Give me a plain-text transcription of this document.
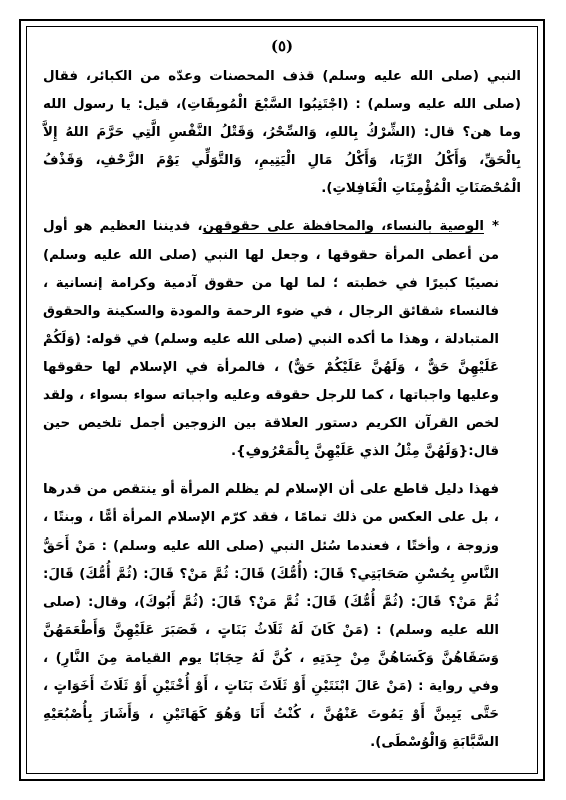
(٥)

النبي (صلى الله عليه وسلم) قذف المحصنات وعدّه من الكبائر، فقال (صلى الله عليه وسلم) : (اجْتَنِبُوا السَّبْعَ الْمُوبِقَاتِ)، قيل: يا رسول الله وما هن؟ قال: (الشِّرْكُ بِاللهِ، وَالسِّحْرُ، وَقَتْلُ النَّفْسِ الَّتِي حَرَّمَ اللهُ إِلاَّ بِالْحَقِّ، وَأَكْلُ الرِّبَا، وَأَكْلُ مَالِ الْيَتِيمِ، وَالتَّوَلِّي يَوْمَ الزَّحْفِ، وَقَذْفُ الْمُحْصَنَاتِ الْمُؤْمِنَاتِ الْغَافِلاتِ).

*الوصية بالنساء، والمحافظة على حقوقهن، فديننا العظيم هو أول من أعطى المرأة حقوقها ، وجعل لها النبي (صلى الله عليه وسلم) نصيبًا كبيرًا في خطبته ؛ لما لها من حقوق آدمية وكرامة إنسانية ، فالنساء شقائق الرجال ، في ضوء الرحمة والمودة والسكينة والحقوق المتبادلة ، وهذا ما أكده النبي (صلى الله عليه وسلم) في قوله: (وَلَكُمْ عَلَيْهِنَّ حَقٌّ ، وَلَهُنَّ عَلَيْكُمْ حَقٌّ) ، فالمرأة في الإسلام لها حقوقها وعليها واجباتها ، كما للرجل حقوقه وعليه واجباته سواء بسواء ، ولقد لخص القرآن الكريم دستور العلاقة بين الزوجين أجمل تلخيص حين قال:{وَلَهُنَّ مِثْلُ الذي عَلَيْهِنَّ بِالْمَعْرُوفِ}.

فهذا دليل قاطع على أن الإسلام لم يظلم المرأة أو ينتقص من قدرها ، بل على العكس من ذلك تمامًا ، فقد كرّم الإسلام المرأة أمًّا ، وبنتًا ، وزوجة ، وأختًا ، فعندما سُئل النبي (صلى الله عليه وسلم) : مَنْ أَحَقُّ النَّاسِ بِحُسْنِ صَحَابَتِي؟ قَالَ: (أُمُّكَ) قَالَ: ثُمَّ مَنْ؟ قَالَ: (ثُمَّ أُمُّكَ) قَالَ: ثُمَّ مَنْ؟ قَالَ: (ثُمَّ أُمُّكَ) قَالَ: ثُمَّ مَنْ؟ قَالَ: (ثُمَّ أَبُوكَ)، وقال: (صلى الله عليه وسلم) : (مَنْ كَانَ لَهُ ثَلَاثُ بَنَاتٍ ، فَصَبَرَ عَلَيْهِنَّ وَأَطْعَمَهُنَّ وَسَقَاهُنَّ وَكَسَاهُنَّ مِنْ جِدَتِهِ ، كُنَّ لَهُ حِجَابًا يوم القيامة مِنَ النَّارِ) ، وفي رواية : (مَنْ عَالَ ابْنَتَيْنِ أَوْ ثَلَاثَ بَنَاتٍ ، أَوْ أُخْتَيْنِ أَوْ ثَلَاثَ أَخَوَاتٍ ، حَتَّى يَبِينَّ أَوْ يَمُوتَ عَنْهُنَّ ، كُنْتُ أَنَا وَهُوَ كَهَاتَيْنِ ، وَأَشَارَ بِأُصْبُعَيْهِ السَّبَّابَةِ وَالْوُسْطَى).
